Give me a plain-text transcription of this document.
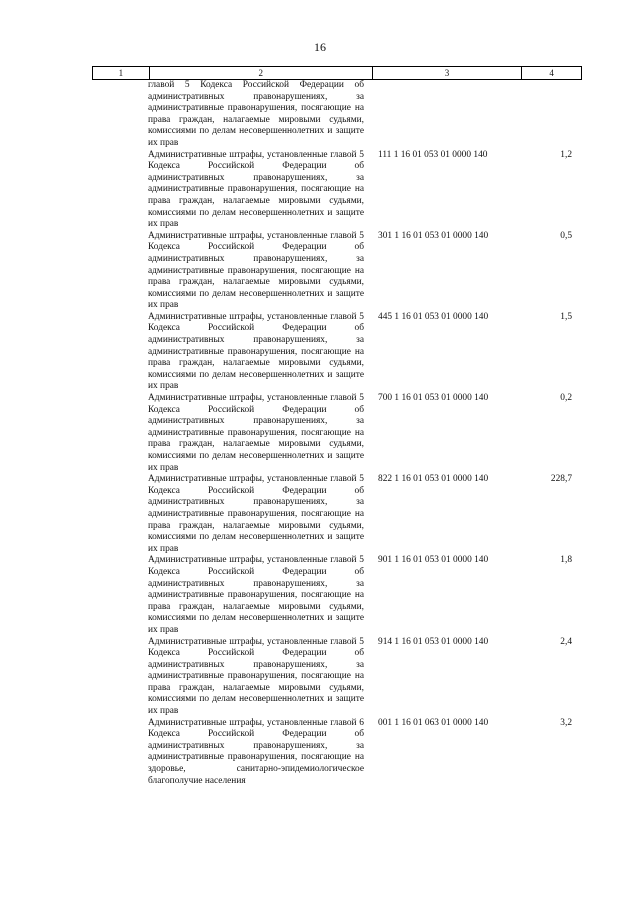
16
1	2	3	4
главой 5 Кодекса Российской Федерации об административных правонарушениях, за административные правонарушения, посягающие на права граждан, налагаемые мировыми судьями, комиссиями по делам несовершеннолетних и защите их прав
Административные штрафы, установленные главой 5 Кодекса Российской Федерации об административных правонарушениях, за административные правонарушения, посягающие на права граждан, налагаемые мировыми судьями, комиссиями по делам несовершеннолетних и защите их прав
111 1 16 01 053 01 0000 140	1,2
Административные штрафы, установленные главой 5 Кодекса Российской Федерации об административных правонарушениях, за административные правонарушения, посягающие на права граждан, налагаемые мировыми судьями, комиссиями по делам несовершеннолетних и защите их прав
301 1 16 01 053 01 0000 140	0,5
Административные штрафы, установленные главой 5 Кодекса Российской Федерации об административных правонарушениях, за административные правонарушения, посягающие на права граждан, налагаемые мировыми судьями, комиссиями по делам несовершеннолетних и защите их прав
445 1 16 01 053 01 0000 140	1,5
Административные штрафы, установленные главой 5 Кодекса Российской Федерации об административных правонарушениях, за административные правонарушения, посягающие на права граждан, налагаемые мировыми судьями, комиссиями по делам несовершеннолетних и защите их прав
700 1 16 01 053 01 0000 140	0,2
Административные штрафы, установленные главой 5 Кодекса Российской Федерации об административных правонарушениях, за административные правонарушения, посягающие на права граждан, налагаемые мировыми судьями, комиссиями по делам несовершеннолетних и защите их прав
822 1 16 01 053 01 0000 140	228,7
Административные штрафы, установленные главой 5 Кодекса Российской Федерации об административных правонарушениях, за административные правонарушения, посягающие на права граждан, налагаемые мировыми судьями, комиссиями по делам несовершеннолетних и защите их прав
901 1 16 01 053 01 0000 140	1,8
Административные штрафы, установленные главой 5 Кодекса Российской Федерации об административных правонарушениях, за административные правонарушения, посягающие на права граждан, налагаемые мировыми судьями, комиссиями по делам несовершеннолетних и защите их прав
914 1 16 01 053 01 0000 140	2,4
Административные штрафы, установленные главой 6 Кодекса Российской Федерации об административных правонарушениях, за административные правонарушения, посягающие на здоровье, санитарно-эпидемиологическое благополучие населения
001 1 16 01 063 01 0000 140	3,2
